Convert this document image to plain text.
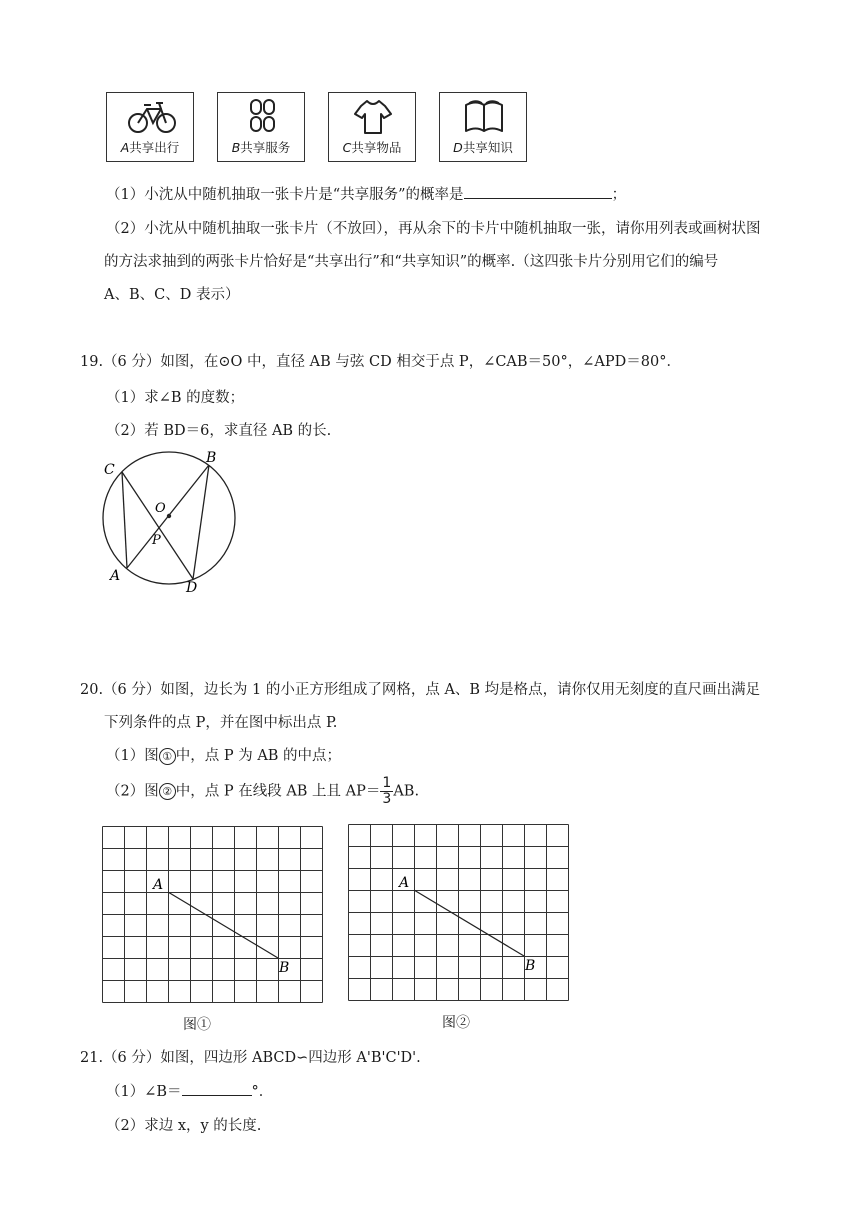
A共享出行	B共享服务	C共享物品	D共享知识
（1）小沈从中随机抽取一张卡片是“共享服务”的概率是	；
（2）小沈从中随机抽取一张卡片（不放回），再从余下的卡片中随机抽取一张，请你用列表或画树状图
的方法求抽到的两张卡片恰好是“共享出行”和“共享知识”的概率.（这四张卡片分别用它们的编号
A、B、C、D 表示）
19.（6 分）如图，在⊙O 中，直径 AB 与弦 CD 相交于点 P，∠CAB＝50°，∠APD＝80°．
（1）求∠B 的度数；
（2）若 BD＝6，求直径 AB 的长.
C
B
O
P
A
D
20.（6 分）如图，边长为 1 的小正方形组成了网格，点 A、B 均是格点，请你仅用无刻度的直尺画出满足
下列条件的点 P，并在图中标出点 P.
（1）图 ① 中，点 P 为 AB 的中点；
（2）图 ② 中，点 P 在线段 AB 上且 $AP= \frac{1}{3}$ AB.
A
B
A
B
图①	图②
21.（6 分）如图，四边形 ABCD∽四边形 A'B'C'D'.
（1）∠B＝	°．
（2）求边 x，y 的长度.
